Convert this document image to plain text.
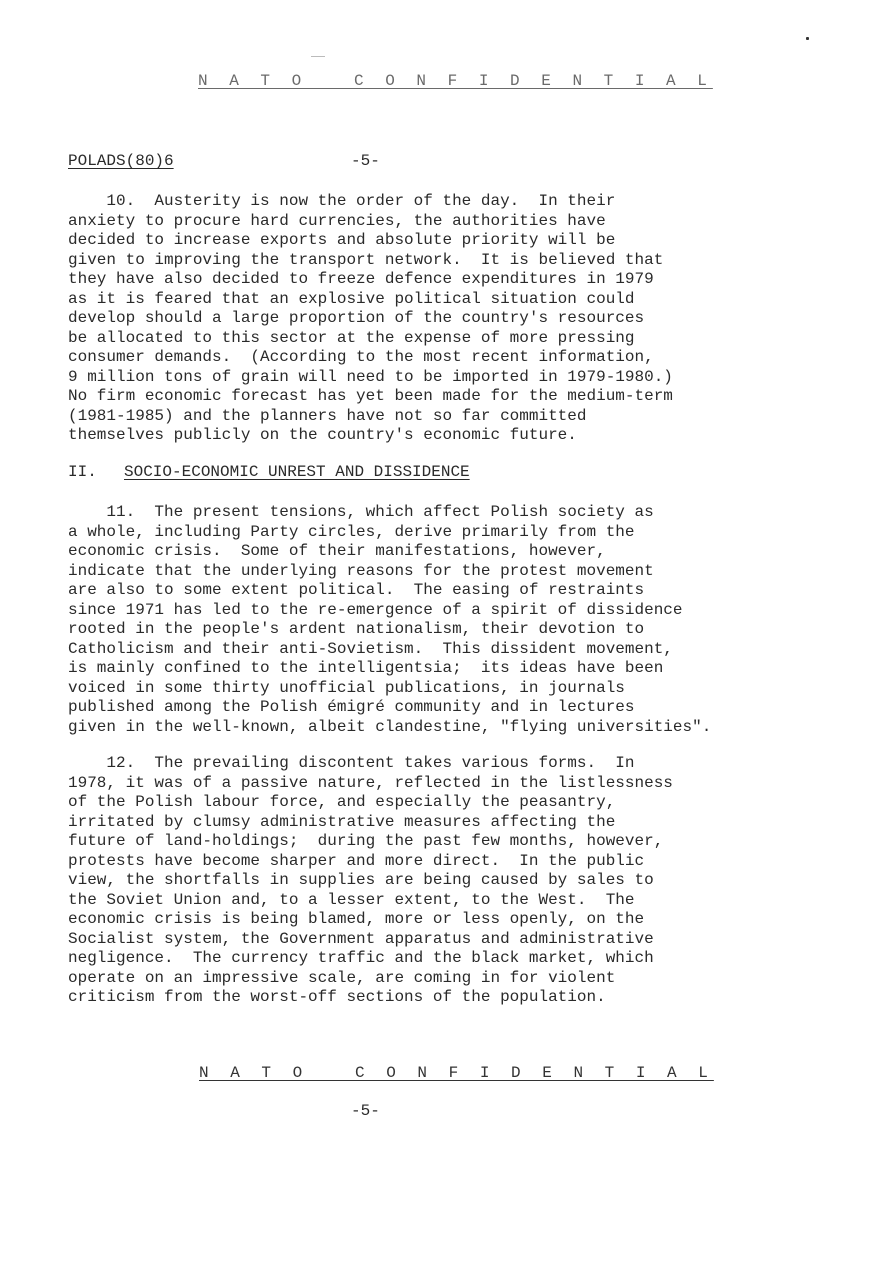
N A T O   C O N F I D E N T I A L
POLADS(80)6	-5-
10.  Austerity is now the order of the day.  In their
anxiety to procure hard currencies, the authorities have
decided to increase exports and absolute priority will be
given to improving the transport network.  It is believed that
they have also decided to freeze defence expenditures in 1979
as it is feared that an explosive political situation could
develop should a large proportion of the country's resources
be allocated to this sector at the expense of more pressing
consumer demands.  (According to the most recent information,
9 million tons of grain will need to be imported in 1979-1980.)
No firm economic forecast has yet been made for the medium-term
(1981-1985) and the planners have not so far committed
themselves publicly on the country's economic future.
II. SOCIO-ECONOMIC UNREST AND DISSIDENCE
11.  The present tensions, which affect Polish society as
a whole, including Party circles, derive primarily from the
economic crisis.  Some of their manifestations, however,
indicate that the underlying reasons for the protest movement
are also to some extent political.  The easing of restraints
since 1971 has led to the re-emergence of a spirit of dissidence
rooted in the people's ardent nationalism, their devotion to
Catholicism and their anti-Sovietism.  This dissident movement,
is mainly confined to the intelligentsia;  its ideas have been
voiced in some thirty unofficial publications, in journals
published among the Polish émigré community and in lectures
given in the well-known, albeit clandestine, "flying universities".
12.  The prevailing discontent takes various forms.  In
1978, it was of a passive nature, reflected in the listlessness
of the Polish labour force, and especially the peasantry,
irritated by clumsy administrative measures affecting the
future of land-holdings;  during the past few months, however,
protests have become sharper and more direct.  In the public
view, the shortfalls in supplies are being caused by sales to
the Soviet Union and, to a lesser extent, to the West.  The
economic crisis is being blamed, more or less openly, on the
Socialist system, the Government apparatus and administrative
negligence.  The currency traffic and the black market, which
operate on an impressive scale, are coming in for violent
criticism from the worst-off sections of the population.
N A T O   C O N F I D E N T I A L
-5-
